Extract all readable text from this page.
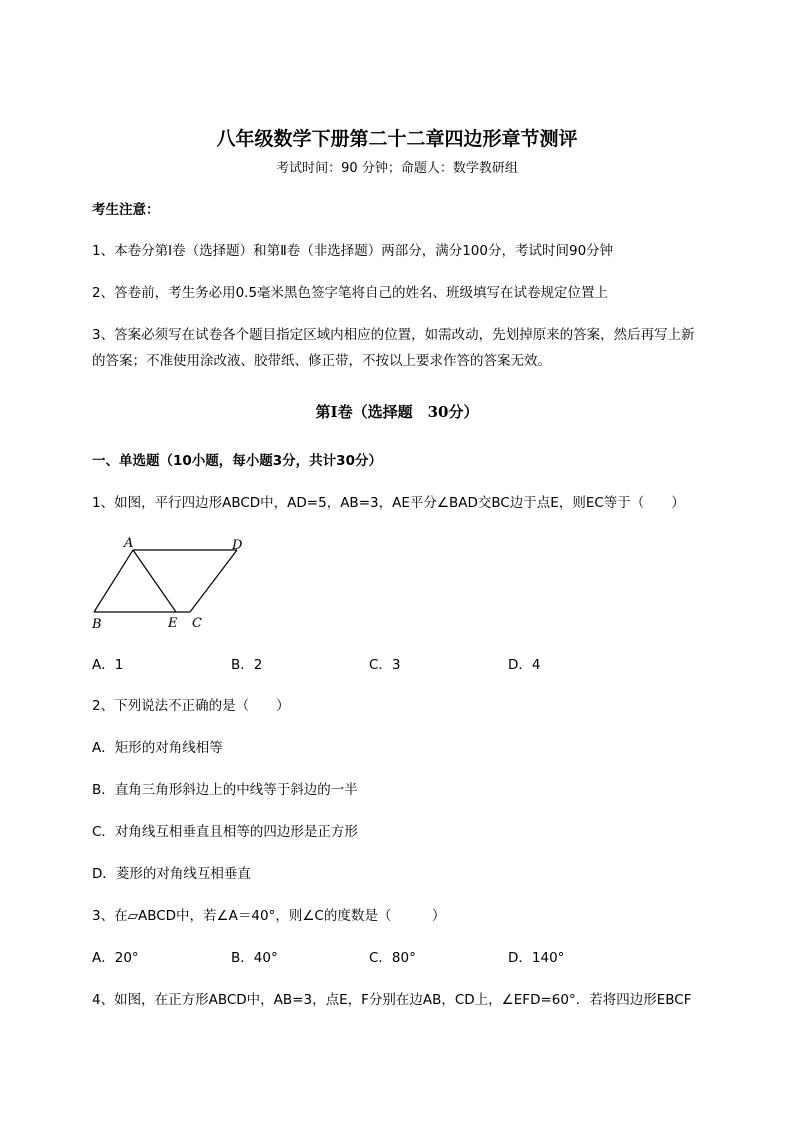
八年级数学下册第二十二章四边形章节测评
考试时间：90 分钟；命题人：数学教研组
考生注意：
1、本卷分第Ⅰ卷（选择题）和第Ⅱ卷（非选择题）两部分，满分100分，考试时间90分钟
2、答卷前，考生务必用0.5毫米黑色签字笔将自己的姓名、班级填写在试卷规定位置上
3、答案必须写在试卷各个题目指定区域内相应的位置，如需改动，先划掉原来的答案，然后再写上新
的答案；不准使用涂改液、胶带纸、修正带，不按以上要求作答的答案无效。
第Ⅰ卷（选择题　30分）
一、单选题（10小题，每小题3分，共计30分）
1、如图，平行四边形ABCD中，AD=5，AB=3，AE平分∠BAD交BC边于点E，则EC等于（　　）
A	D
B	E C
A．1	B．2	C．3	D．4
2、下列说法不正确的是（　　）
A．矩形的对角线相等
B．直角三角形斜边上的中线等于斜边的一半
C．对角线互相垂直且相等的四边形是正方形
D．菱形的对角线互相垂直
3、在▱ABCD中，若∠A＝40°，则∠C的度数是（　　　）
A．20°	B．40°	C．80°	D．140°
4、如图，在正方形ABCD中，AB=3，点E，F分别在边AB，CD上，∠EFD=60°．若将四边形EBCF
